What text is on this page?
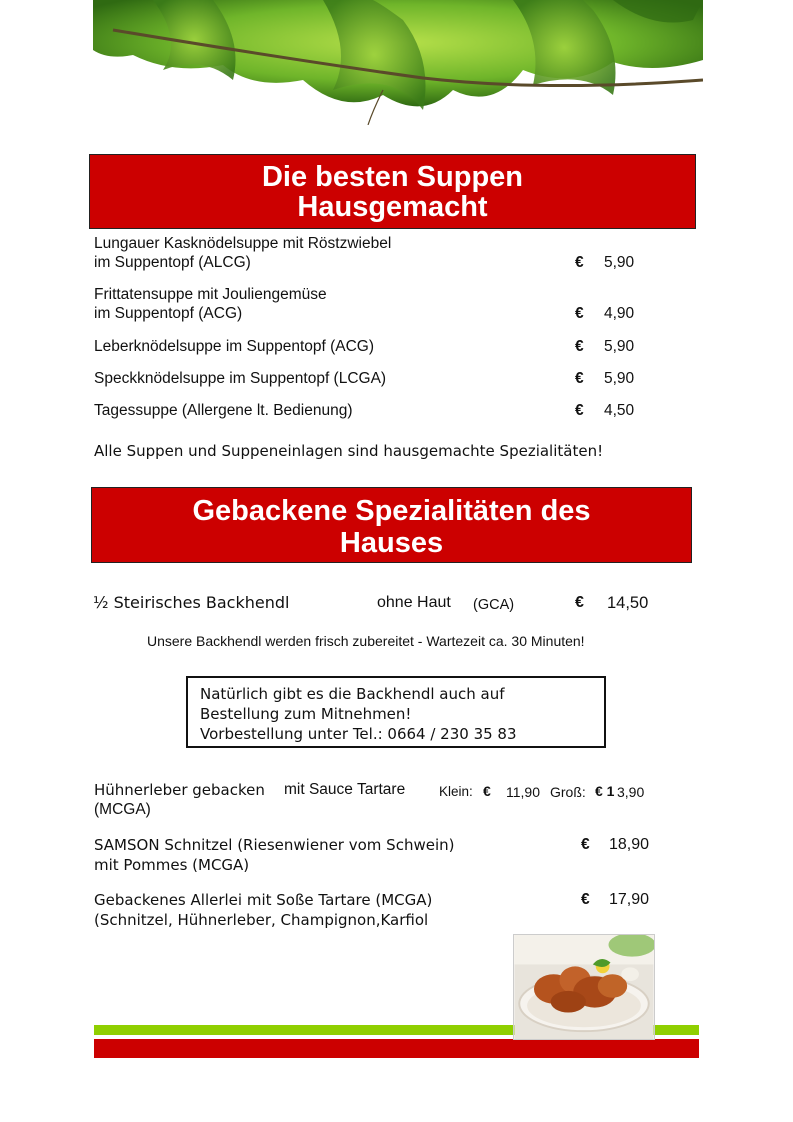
Die besten Suppen
Hausgemacht
Lungauer Kasknödelsuppe mit Röstzwiebel
im Suppentopf (ALCG)	€ 5,90
Frittatensuppe mit Jouliengemüse
im Suppentopf (ACG)	€ 4,90
Leberknödelsuppe im Suppentopf (ACG)	€ 5,90
Speckknödelsuppe im Suppentopf (LCGA)	€ 5,90
Tagessuppe (Allergene lt. Bedienung)	€ 4,50
Alle Suppen und Suppeneinlagen sind hausgemachte Spezialitäten!
Gebackene Spezialitäten des
Hauses
½ Steirisches Backhendl	ohne Haut (GCA)	€ 14,50
Unsere Backhendl werden frisch zubereitet - Wartezeit ca. 30 Minuten!
Natürlich gibt es die Backhendl auch auf
Bestellung zum Mitnehmen!
Vorbestellung unter Tel.: 0664 / 230 35 83
Hühnerleber gebacken mit Sauce Tartare	Klein: € 11,90 Groß: € 1 3,90
(MCGA)
SAMSON Schnitzel (Riesenwiener vom Schwein)
mit Pommes (MCGA)
€ 18,90
Gebackenes Allerlei mit Soße Tartare (MCGA)
(Schnitzel, Hühnerleber, Champignon,Karfiol
€ 17,90
